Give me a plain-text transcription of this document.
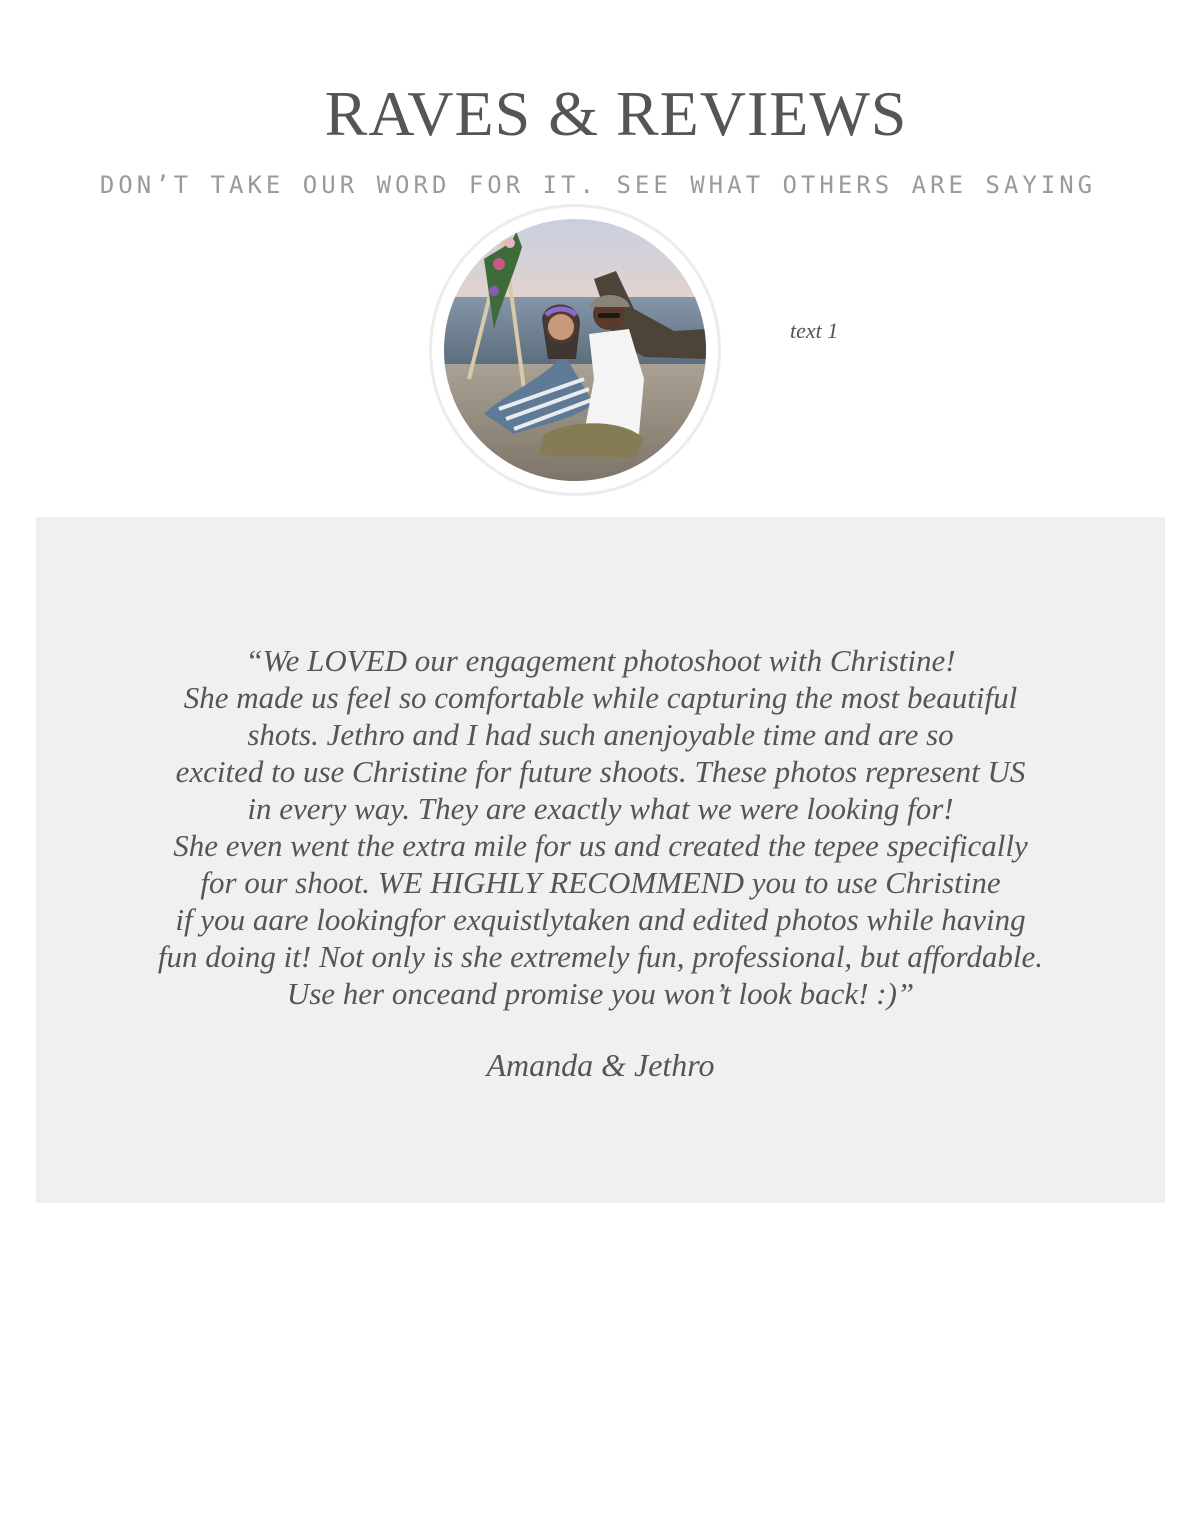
RAVES & REVIEWS
DON’T TAKE OUR WORD FOR IT. SEE WHAT OTHERS ARE SAYING
text 1
“We LOVED our engagement photoshoot with Christine!
She made us feel so comfortable while capturing the most beautiful
shots. Jethro and I had such anenjoyable time and are so
excited to use Christine for future shoots. These photos represent US
in every way. They are exactly what we were looking for!
She even went the extra mile for us and created the tepee specifically
for our shoot. WE HIGHLY RECOMMEND you to use Christine
if you aare lookingfor exquistlytaken and edited photos while having
fun doing it! Not only is she extremely fun, professional, but affordable.
Use her onceand promise you won’t look back! :)”
Amanda & Jethro
